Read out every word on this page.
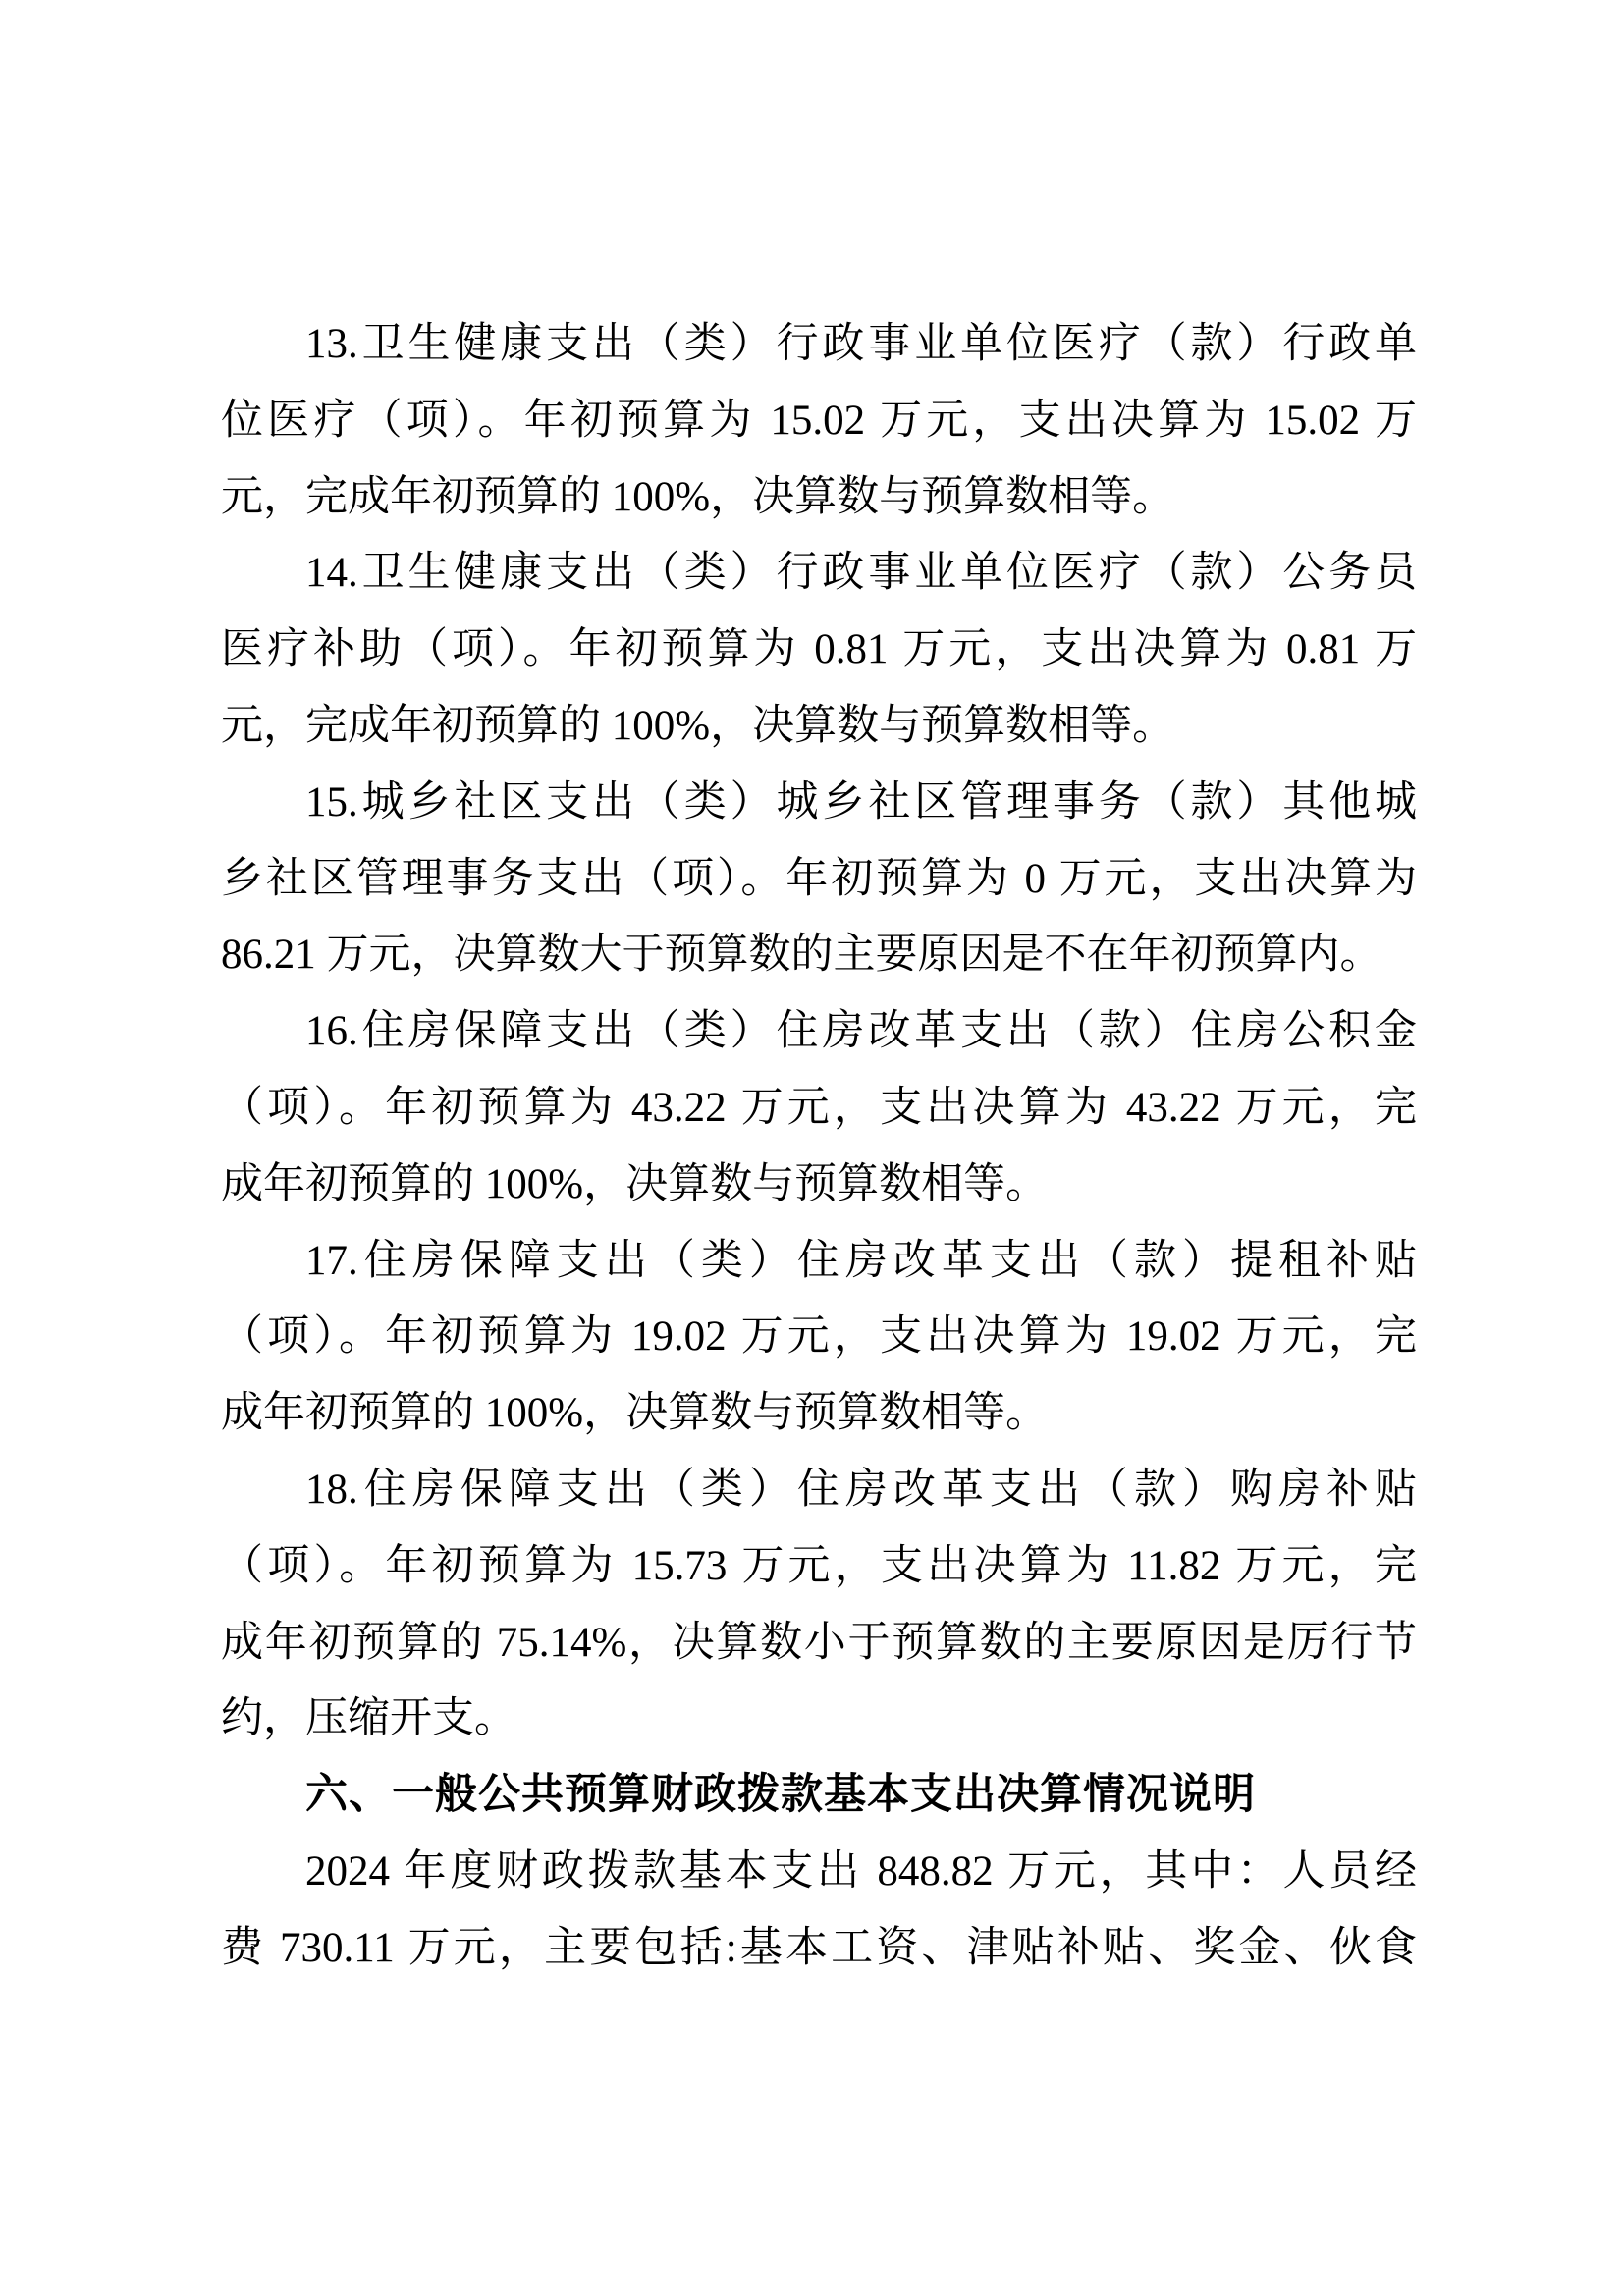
13.卫生健康支出（类）行政事业单位医疗（款）行政单
位医疗（项）。年初预算为 15.02 万元，支出决算为 15.02 万
元，完成年初预算的 100%，决算数与预算数相等。
14.卫生健康支出（类）行政事业单位医疗（款）公务员
医疗补助（项）。年初预算为 0.81 万元，支出决算为 0.81 万
元，完成年初预算的 100%，决算数与预算数相等。
15.城乡社区支出（类）城乡社区管理事务（款）其他城
乡社区管理事务支出（项）。年初预算为 0 万元，支出决算为
86.21 万元，决算数大于预算数的主要原因是不在年初预算内。
16.住房保障支出（类）住房改革支出（款）住房公积金
（项）。年初预算为 43.22 万元，支出决算为 43.22 万元，完
成年初预算的 100%，决算数与预算数相等。
17.住房保障支出（类）住房改革支出（款）提租补贴
（项）。年初预算为 19.02 万元，支出决算为 19.02 万元，完
成年初预算的 100%，决算数与预算数相等。
18.住房保障支出（类）住房改革支出（款）购房补贴
（项）。年初预算为 15.73 万元，支出决算为 11.82 万元，完
成年初预算的 75.14%，决算数小于预算数的主要原因是厉行节
约，压缩开支。
六、一般公共预算财政拨款基本支出决算情况说明
2024 年度财政拨款基本支出 848.82 万元，其中：人员经
费 730.11 万元，主要包括:基本工资、津贴补贴、奖金、伙食
